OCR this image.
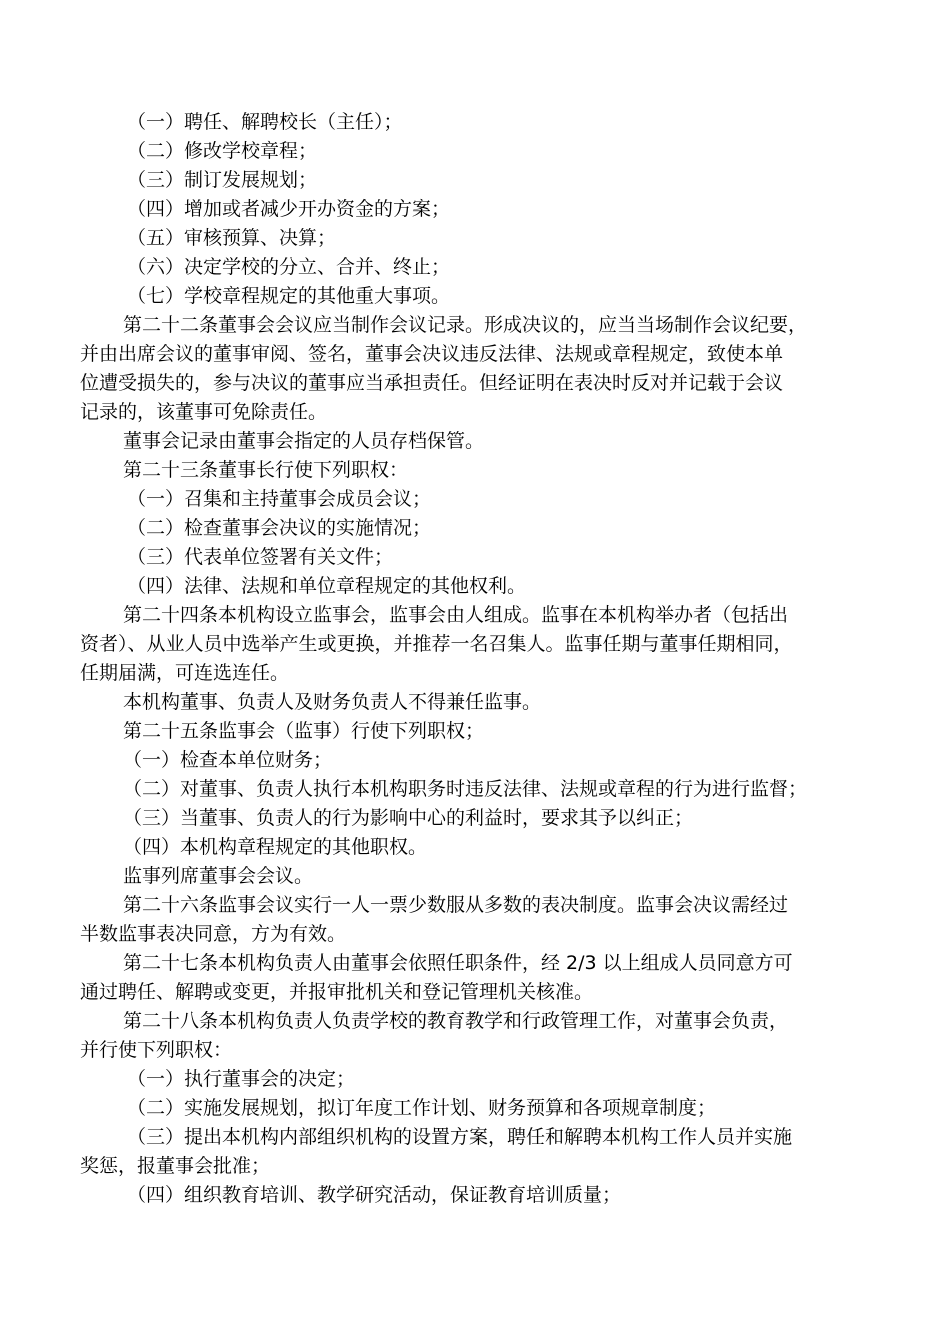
（一）聘任、解聘校长（主任）；
（二）修改学校章程；
（三）制订发展规划；
（四）增加或者减少开办资金的方案；
（五）审核预算、决算；
（六）决定学校的分立、合并、终止；
（七）学校章程规定的其他重大事项。
第二十二条董事会会议应当制作会议记录。形成决议的，应当当场制作会议纪要，
并由出席会议的董事审阅、签名，董事会决议违反法律、法规或章程规定，致使本单
位遭受损失的，参与决议的董事应当承担责任。但经证明在表决时反对并记载于会议
记录的，该董事可免除责任。
董事会记录由董事会指定的人员存档保管。
第二十三条董事长行使下列职权：
（一）召集和主持董事会成员会议；
（二）检查董事会决议的实施情况；
（三）代表单位签署有关文件；
（四）法律、法规和单位章程规定的其他权利。
第二十四条本机构设立监事会，监事会由人组成。监事在本机构举办者（包括出
资者）、从业人员中选举产生或更换，并推荐一名召集人。监事任期与董事任期相同，
任期届满，可连选连任。
本机构董事、负责人及财务负责人不得兼任监事。
第二十五条监事会（监事）行使下列职权；
（一）检查本单位财务；
（二）对董事、负责人执行本机构职务时违反法律、法规或章程的行为进行监督；
（三）当董事、负责人的行为影响中心的利益时，要求其予以纠正；
（四）本机构章程规定的其他职权。
监事列席董事会会议。
第二十六条监事会议实行一人一票少数服从多数的表决制度。监事会决议需经过
半数监事表决同意，方为有效。
第二十七条本机构负责人由董事会依照任职条件，经 2/3 以上组成人员同意方可
通过聘任、解聘或变更，并报审批机关和登记管理机关核准。
第二十八条本机构负责人负责学校的教育教学和行政管理工作，对董事会负责，
并行使下列职权：
（一）执行董事会的决定；
（二）实施发展规划，拟订年度工作计划、财务预算和各项规章制度；
（三）提出本机构内部组织机构的设置方案，聘任和解聘本机构工作人员并实施
奖惩，报董事会批准；
（四）组织教育培训、教学研究活动，保证教育培训质量；
